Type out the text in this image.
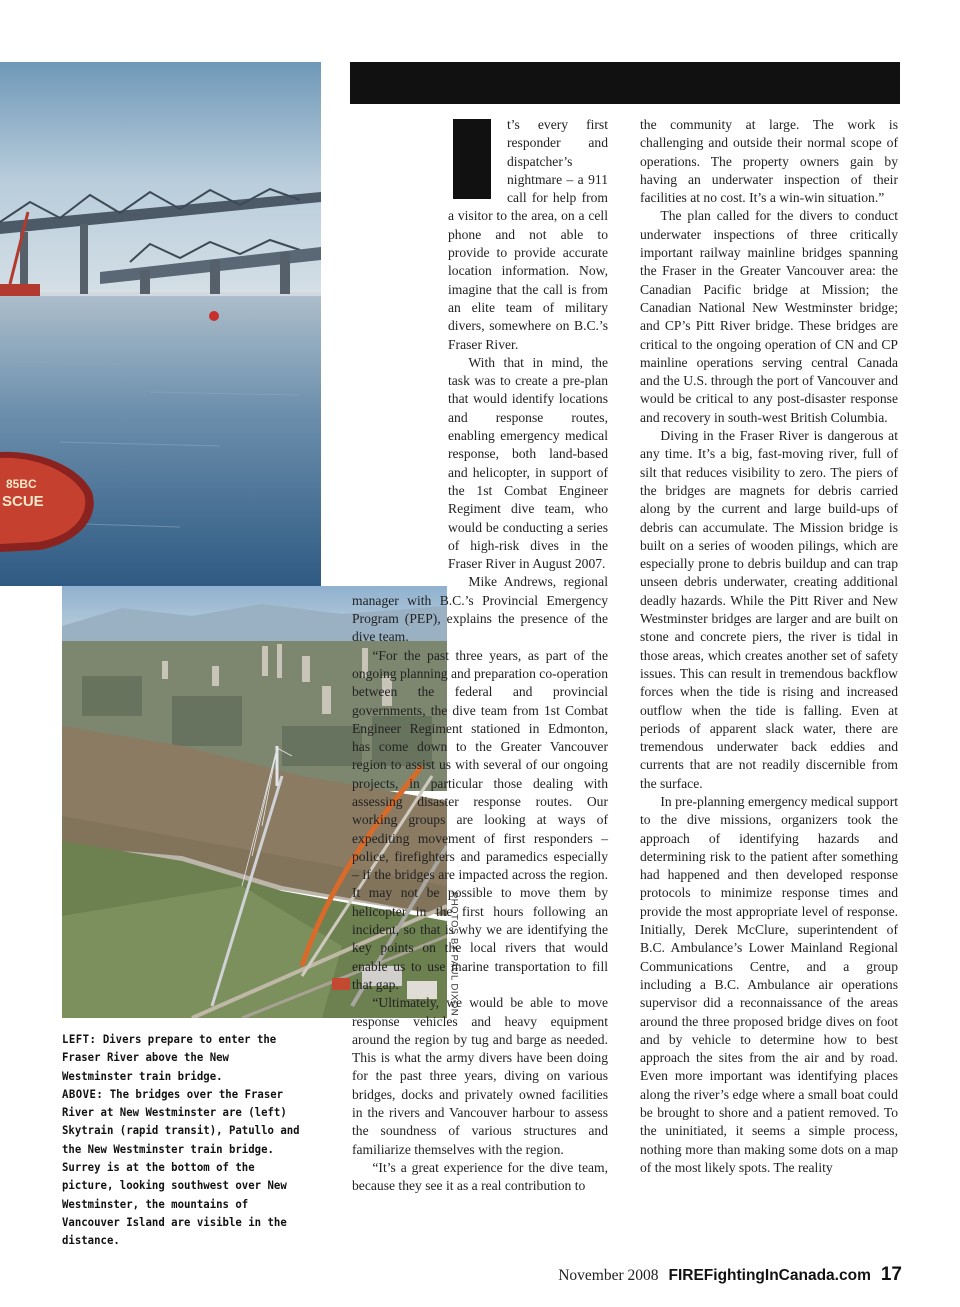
85BC
SCUE
PHOTOS BY PAUL DIXON
I	t’s every first responder and dispatcher’s nightmare – a 911 call for help from a visitor to the area, on a cell phone and not able to provide to provide accurate location information. Now, imagine that the call is from an elite team of military divers, somewhere on B.C.’s Fraser River.

With that in mind, the task was to create a pre-plan that would identify locations and response routes, enabling emergency medical response, both land-based and helicopter, in support of the 1st Combat Engineer Regiment dive team, who would be conducting a series of high-risk dives in the Fraser River in August 2007.

Mike Andrews, regional manager with B.C.’s Provincial Emergency Program (PEP), explains the presence of the dive team.

“For the past three years, as part of the ongoing planning and preparation co-operation between the federal and provincial governments, the dive team from 1st Combat Engineer Regiment stationed in Edmonton, has come down to the Greater Vancouver region to assist us with several of our ongoing projects, in particular those dealing with assessing disaster response routes. Our working groups are looking at ways of expediting movement of first responders – police, firefighters and paramedics especially – if the bridges are impacted across the region. It may not be possible to move them by helicopter in the first hours following an incident, so that is why we are identifying the key points on the local rivers that would enable us to use marine transportation to fill that gap.

“Ultimately, we would be able to move response vehicles and heavy equipment around the region by tug and barge as needed. This is what the army divers have been doing for the past three years, diving on various bridges, docks and privately owned facilities in the rivers and Vancouver harbour to assess the soundness of various structures and familiarize themselves with the region.

“It’s a great experience for the dive team, because they see it as a real contribution to

the community at large. The work is challenging and outside their normal scope of operations. The property owners gain by having an underwater inspection of their facilities at no cost. It’s a win-win situation.”

The plan called for the divers to conduct underwater inspections of three critically important railway mainline bridges spanning the Fraser in the Greater Vancouver area: the Canadian Pacific bridge at Mission; the Canadian National New Westminster bridge; and CP’s Pitt River bridge. These bridges are critical to the ongoing operation of CN and CP mainline operations serving central Canada and the U.S. through the port of Vancouver and would be critical to any post-disaster response and recovery in south-west British Columbia.

Diving in the Fraser River is dangerous at any time. It’s a big, fast-moving river, full of silt that reduces visibility to zero. The piers of the bridges are magnets for debris carried along by the current and large build-ups of debris can accumulate. The Mission bridge is built on a series of wooden pilings, which are especially prone to debris buildup and can trap unseen debris underwater, creating additional deadly hazards. While the Pitt River and New Westminster bridges are larger and are built on stone and concrete piers, the river is tidal in those areas, which creates another set of safety issues. This can result in tremendous backflow forces when the tide is rising and increased outflow when the tide is falling. Even at periods of apparent slack water, there are tremendous underwater back eddies and currents that are not readily discernible from the surface.

In pre-planning emergency medical support to the dive missions, organizers took the approach of identifying hazards and determining risk to the patient after something had happened and then developed response protocols to minimize response times and provide the most appropriate level of response. Initially, Derek McClure, superintendent of B.C. Ambulance’s Lower Mainland Regional Communications Centre, and a group including a B.C. Ambulance air operations supervisor did a reconnaissance of the areas around the three proposed bridge dives on foot and by vehicle to determine how to best approach the sites from the air and by road. Even more important was identifying places along the river’s edge where a small boat could be brought to shore and a patient removed. To the uninitiated, it seems a simple process, nothing more than making some dots on a map of the most likely spots. The reality

LEFT: Divers prepare to enter the Fraser River above the New Westminster train bridge.
ABOVE: The bridges over the Fraser River at New Westminster are (left) Skytrain (rapid transit), Patullo and the New Westminster train bridge. Surrey is at the bottom of the picture, looking southwest over New Westminster, the mountains of Vancouver Island are visible in the distance.
November 2008 FIREFightingInCanada.com 17
